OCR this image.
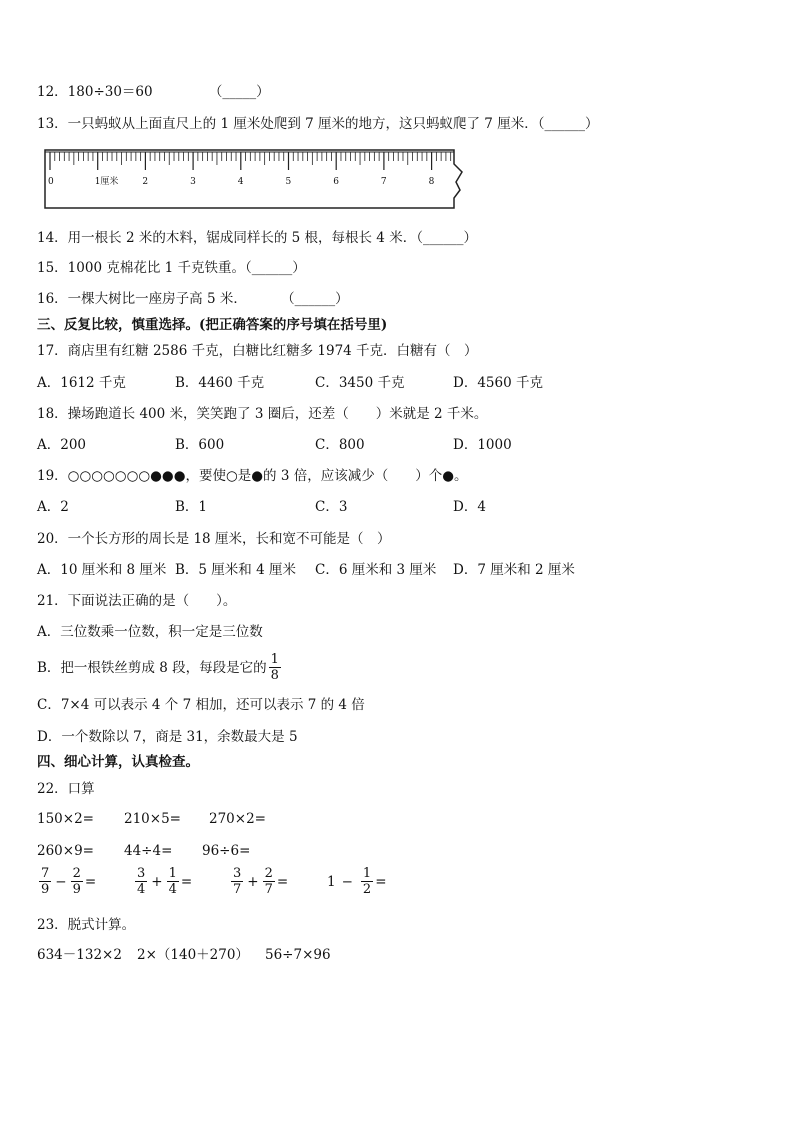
12．180÷30＝60	（_____）
13．一只蚂蚁从上面直尺上的 1 厘米处爬到 7 厘米的地方，这只蚂蚁爬了 7 厘米．（______）
0	1厘米	2	3	4	5	6	7	8
14．用一根长 2 米的木料，锯成同样长的 5 根，每根长 4 米．（______）
15．1000 克棉花比 1 千克铁重。（______）
16．一棵大树比一座房子高 5 米．	（______）
三、反复比较，慎重选择。(把正确答案的序号填在括号里)
17．商店里有红糖 2586 千克，白糖比红糖多 1974 千克．白糖有（　）
A．1612 千克	B．4460 千克	C．3450 千克	D．4560 千克
18．操场跑道长 400 米，笑笑跑了 3 圈后，还差（　　）米就是 2 千米。
A．200	B．600	C．800	D．1000
19．○○○○○○○●●●，要使○是●的 3 倍，应该减少（　　）个●。
A．2	B．1	C．3	D．4
20．一个长方形的周长是 18 厘米，长和宽不可能是（　）
A．10 厘米和 8 厘米 B．5 厘米和 4 厘米 C．6 厘米和 3 厘米 D．7 厘米和 2 厘米
21．下面说法正确的是（　　）。
A．三位数乘一位数，积一定是三位数
B．把一根铁丝剪成 8 段，每段是它的 $\frac{1}{8}$
C．7×4 可以表示 4 个 7 相加，还可以表示 7 的 4 倍
D．一个数除以 7，商是 31，余数最大是 5
四、细心计算，认真检查。
22．口算
150×2= 210×5= 270×2=
260×9= 44÷4= 96÷6=
$\frac{7}{9} - \frac{2}{9}$ =	$\frac{3}{4} + \frac{1}{4}$ =	$\frac{3}{7} + \frac{2}{7}$ =	$1 - \frac{1}{2}$ =
23．脱式计算。
634－132×2 2×（140＋270） 56÷7×96
